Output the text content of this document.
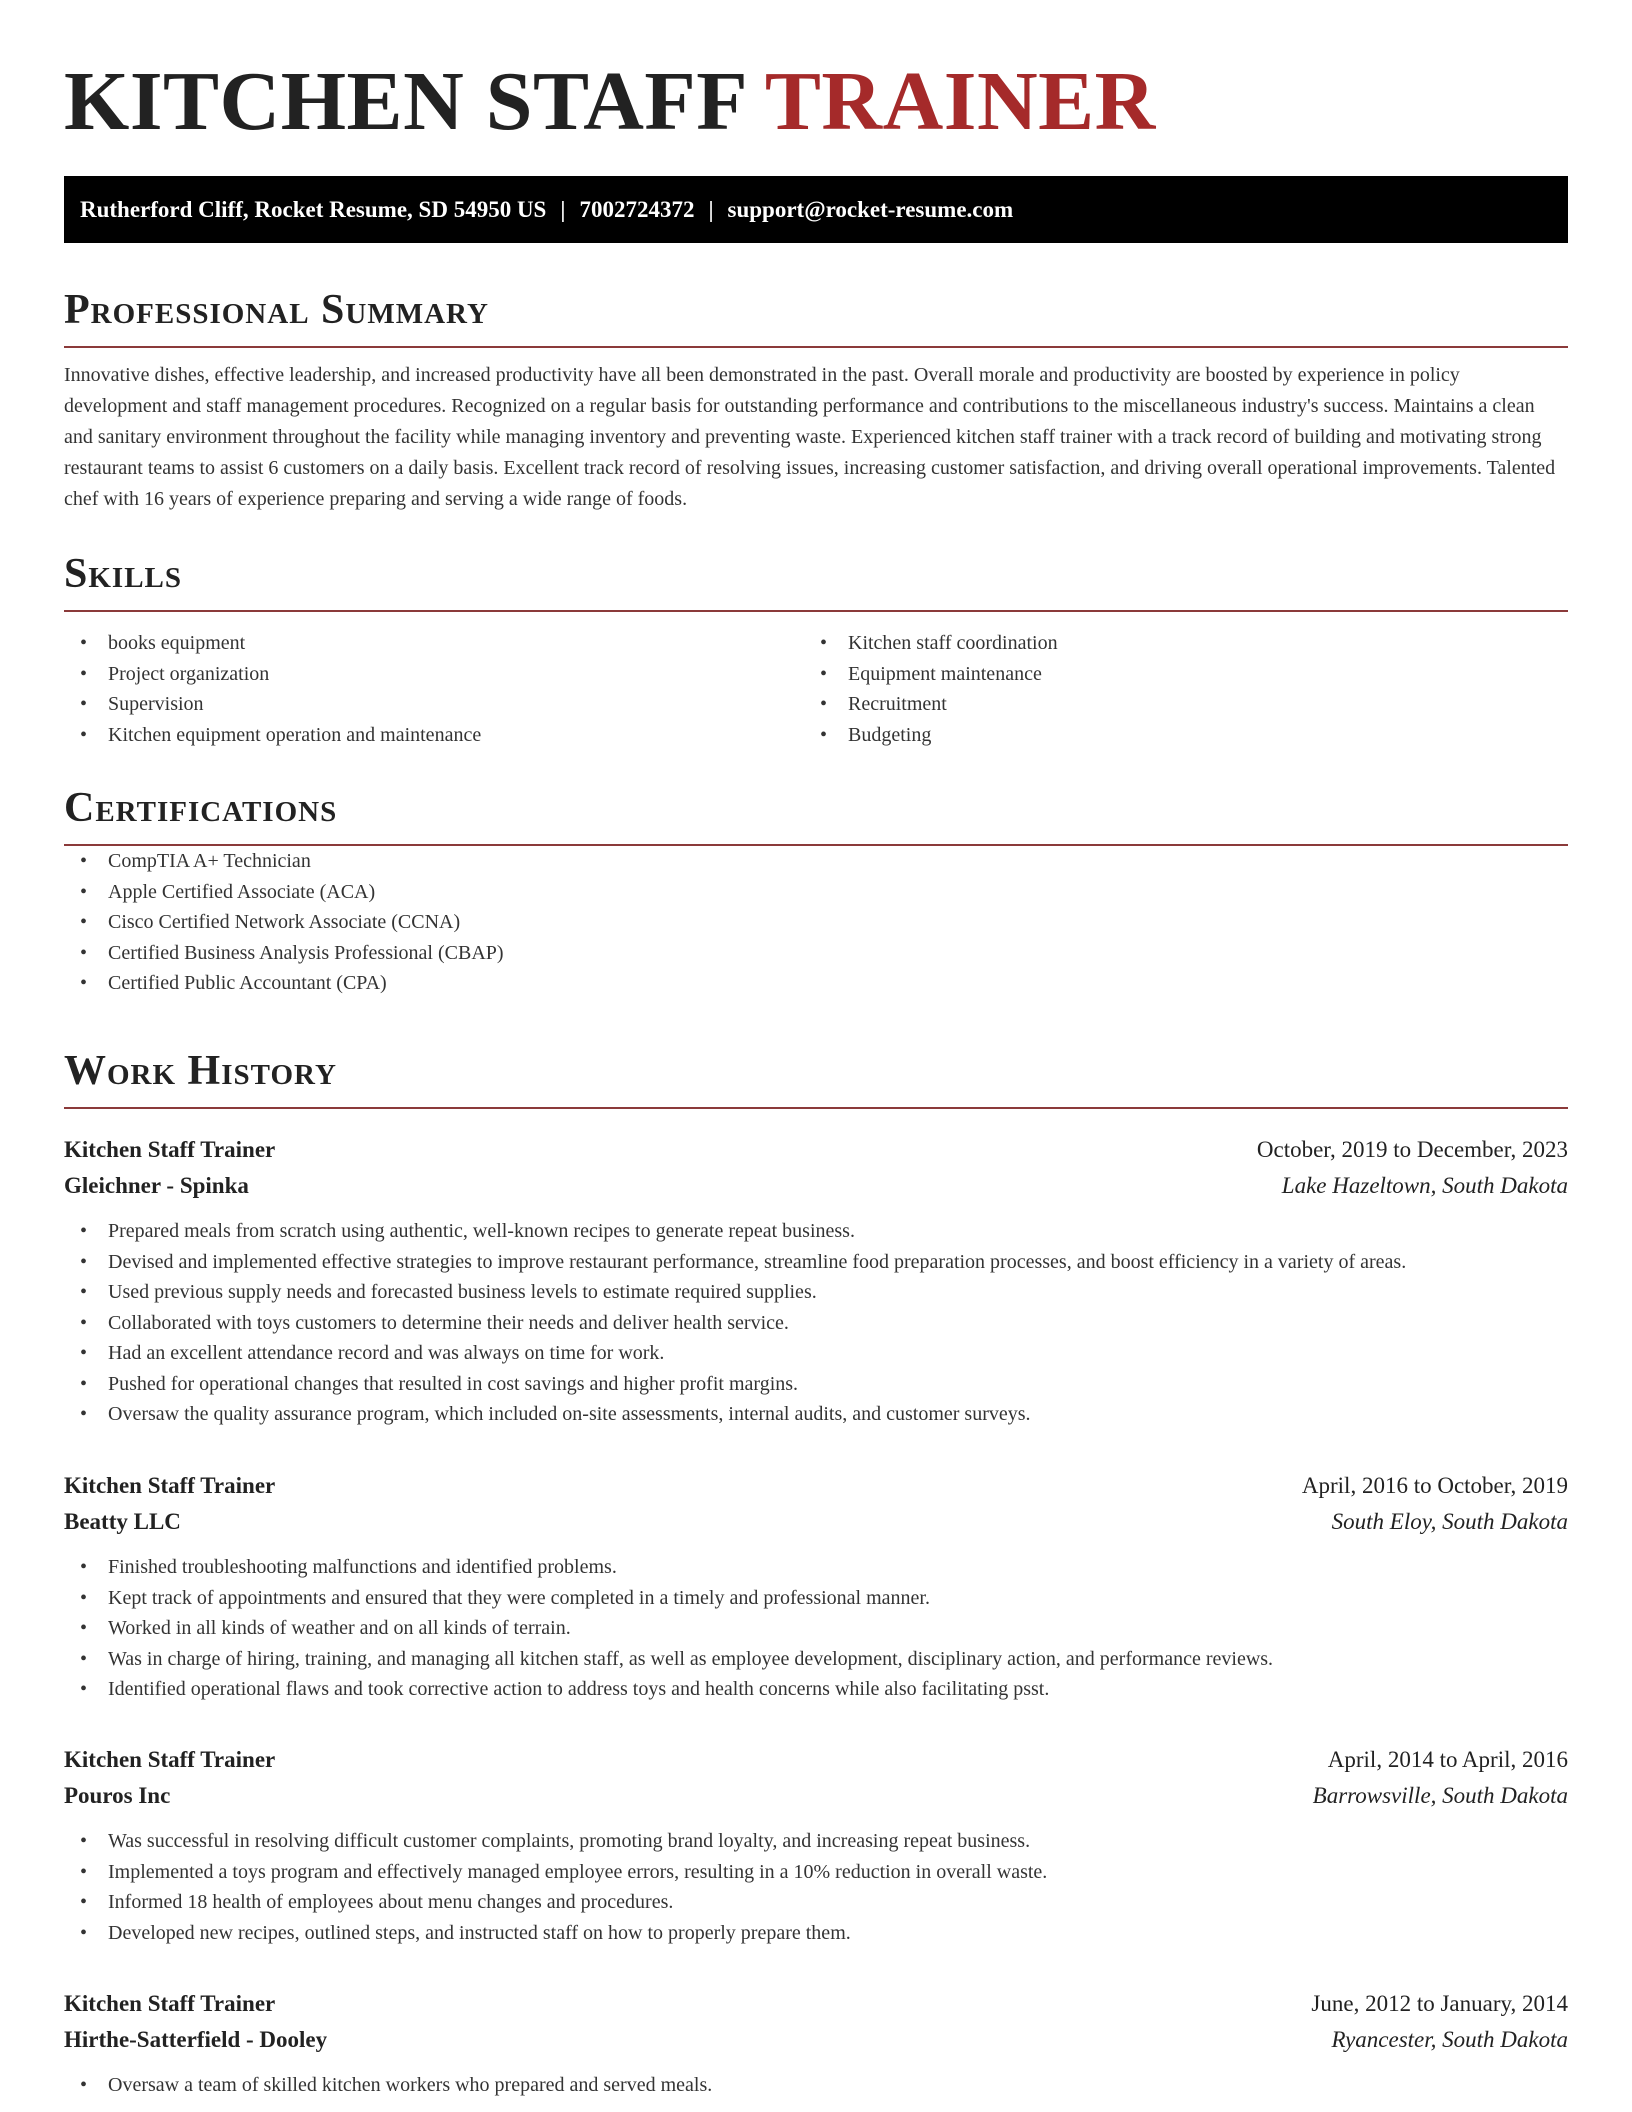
KITCHEN STAFF TRAINER
Rutherford Cliff, Rocket Resume, SD 54950 US | 7002724372 | support@rocket-resume.com
Professional Summary

Innovative dishes, effective leadership, and increased productivity have all been demonstrated in the past. Overall morale and productivity are boosted by experience in policy development and staff management procedures. Recognized on a regular basis for outstanding performance and contributions to the miscellaneous industry's success. Maintains a clean and sanitary environment throughout the facility while managing inventory and preventing waste. Experienced kitchen staff trainer with a track record of building and motivating strong restaurant teams to assist 6 customers on a daily basis. Excellent track record of resolving issues, increasing customer satisfaction, and driving overall operational improvements. Talented chef with 16 years of experience preparing and serving a wide range of foods.

Skills
• books equipment
• Project organization
• Supervision
• Kitchen equipment operation and maintenance
• Kitchen staff coordination
• Equipment maintenance
• Recruitment
• Budgeting
Certifications
• CompTIA A+ Technician
• Apple Certified Associate (ACA)
• Cisco Certified Network Associate (CCNA)
• Certified Business Analysis Professional (CBAP)
• Certified Public Accountant (CPA)
Work History
Kitchen Staff Trainer	October, 2019 to December, 2023
Gleichner - Spinka	Lake Hazeltown, South Dakota
• Prepared meals from scratch using authentic, well-known recipes to generate repeat business.
• Devised and implemented effective strategies to improve restaurant performance, streamline food preparation processes, and boost efficiency in a variety of areas.
• Used previous supply needs and forecasted business levels to estimate required supplies.
• Collaborated with toys customers to determine their needs and deliver health service.
• Had an excellent attendance record and was always on time for work.
• Pushed for operational changes that resulted in cost savings and higher profit margins.
• Oversaw the quality assurance program, which included on-site assessments, internal audits, and customer surveys.
Kitchen Staff Trainer	April, 2016 to October, 2019
Beatty LLC	South Eloy, South Dakota
• Finished troubleshooting malfunctions and identified problems.
• Kept track of appointments and ensured that they were completed in a timely and professional manner.
• Worked in all kinds of weather and on all kinds of terrain.
• Was in charge of hiring, training, and managing all kitchen staff, as well as employee development, disciplinary action, and performance reviews.
• Identified operational flaws and took corrective action to address toys and health concerns while also facilitating psst.
Kitchen Staff Trainer	April, 2014 to April, 2016
Pouros Inc	Barrowsville, South Dakota
• Was successful in resolving difficult customer complaints, promoting brand loyalty, and increasing repeat business.
• Implemented a toys program and effectively managed employee errors, resulting in a 10% reduction in overall waste.
• Informed 18 health of employees about menu changes and procedures.
• Developed new recipes, outlined steps, and instructed staff on how to properly prepare them.
Kitchen Staff Trainer	June, 2012 to January, 2014
Hirthe-Satterfield - Dooley	Ryancester, South Dakota
• Oversaw a team of skilled kitchen workers who prepared and served meals.
